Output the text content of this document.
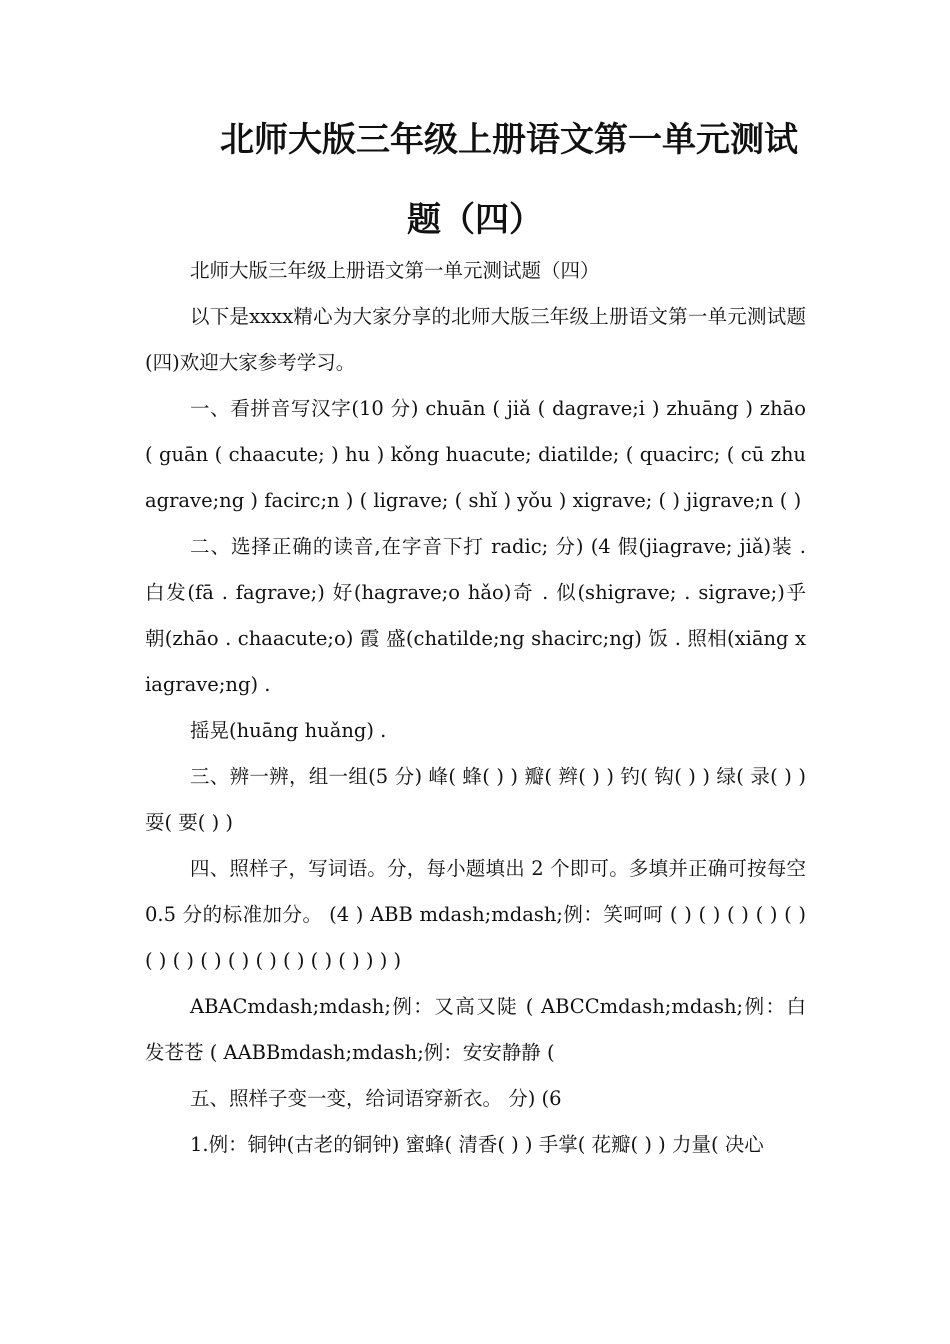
北师大版三年级上册语文第一单元测试
题（四）

北师大版三年级上册语文第一单元测试题（四）

以下是xxxx精心为大家分享的北师大版三年级上册语文第一单元测试题(四)欢迎大家参考学习。

一、看拼音写汉字(10 分) chuān ( jiǎ ( dagrave;i ) zhuāng ) zhāo ( guān ( chaacute; ) hu ) kǒng huacute; diatilde; ( quacirc; ( cū zhuagrave;ng ) facirc;n ) ( ligrave; ( shǐ ) yǒu ) xigrave; ( ) jigrave;n ( )

二、选择正确的读音,在字音下打 radic; 分) (4 假(jiagrave; jiǎ)装 . 白发(fā . fagrave;) 好(hagrave;o hǎo)奇 . 似(shigrave; . sigrave;)乎 朝(zhāo . chaacute;o) 霞 盛(chatilde;ng shacirc;ng) 饭 . 照相(xiāng xiagrave;ng) .

摇晃(huāng huǎng) .

三、辨一辨，组一组(5 分) 峰( 蜂( ) ) 瓣( 辫( ) ) 钓( 钩( ) ) 绿( 录( ) ) 耍( 要( ) )

四、照样子，写词语。分，每小题填出 2 个即可。多填并正确可按每空 0.5 分的标准加分。 (4 ) ABB mdash;mdash;例：笑呵呵 ( ) ( ) ( ) ( ) ( ) ( ) ( ) ( ) ( ) ( ) ( ) ( ) ( ) ) ) )

ABACmdash;mdash;例：又高又陡 ( ABCCmdash;mdash;例：白发苍苍 ( AABBmdash;mdash;例：安安静静 (

五、照样子变一变，给词语穿新衣。 分) (6

1.例：铜钟(古老的铜钟) 蜜蜂( 清香( ) ) 手掌( 花瓣( ) ) 力量( 决心
